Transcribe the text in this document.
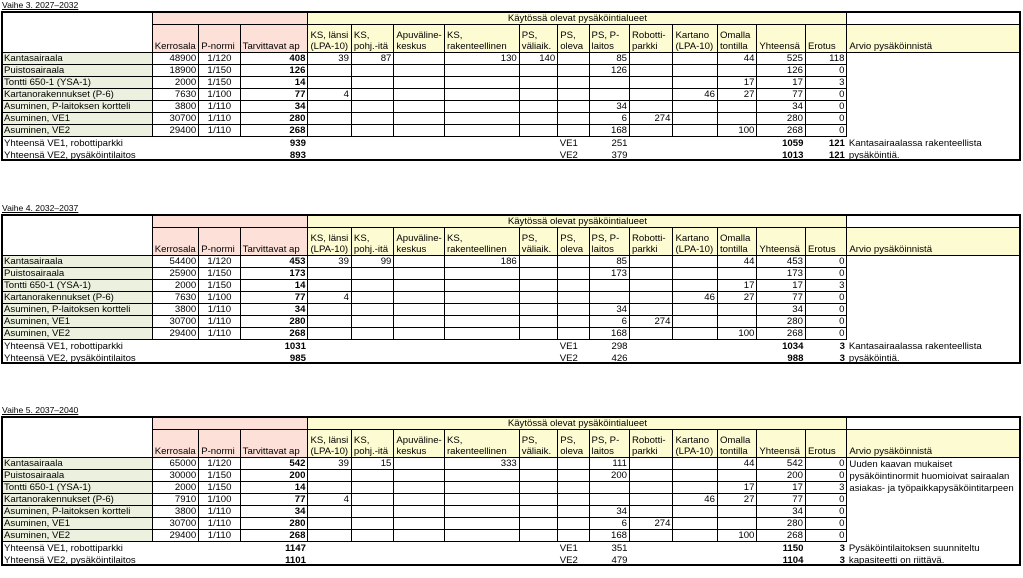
Vaihe 3. 2027–2032
				Käytössä olevat pysäköintialueet												
	Kerrosala	P-normi	Tarvittavat ap	KS, länsi (LPA-10)	KS, pohj.-itä	Apuväline-keskus	KS, rakenteellinen	PS, väliaik.	PS, oleva	PS, P-laitos	Robotti-parkki	Kartano (LPA-10)	Omalla tontilla	Yhteensä	Erotus	Arvio pysäköinnistä
Kantasairaala	48900	1/120	408	39	87		130	140		85			44	525	118	
Puistosairaala	18900	1/150	126							126				126	0	
Tontti 650-1 (YSA-1)	2000	1/150	14										17	17	3	
Kartanorakennukset (P-6)	7630	1/100	77	4								46	27	77	0	
Asuminen, P-laitoksen kortteli	3800	1/110	34							34				34	0	
Asuminen, VE1	30700	1/110	280							6	274			280	0	
Asuminen, VE2	29400	1/110	268							168			100	268	0	
Yhteensä VE1, robottiparkki			939						VE1	251				1059	121	Kantasairaalassa rakenteellista
Yhteensä VE2, pysäköintilaitos			893						VE2	379				1013	121	pysäköintiä.
Vaihe 4. 2032–2037
				Käytössä olevat pysäköintialueet												
	Kerrosala	P-normi	Tarvittavat ap	KS, länsi (LPA-10)	KS, pohj.-itä	Apuväline-keskus	KS, rakenteellinen	PS, väliaik.	PS, oleva	PS, P-laitos	Robotti-parkki	Kartano (LPA-10)	Omalla tontilla	Yhteensä	Erotus	Arvio pysäköinnistä
Kantasairaala	54400	1/120	453	39	99		186			85			44	453	0	
Puistosairaala	25900	1/150	173							173				173	0	
Tontti 650-1 (YSA-1)	2000	1/150	14										17	17	3	
Kartanorakennukset (P-6)	7630	1/100	77	4								46	27	77	0	
Asuminen, P-laitoksen kortteli	3800	1/110	34							34				34	0	
Asuminen, VE1	30700	1/110	280							6	274			280	0	
Asuminen, VE2	29400	1/110	268							168			100	268	0	
Yhteensä VE1, robottiparkki			1031						VE1	298				1034	3	Kantasairaalassa rakenteellista
Yhteensä VE2, pysäköintilaitos			985						VE2	426				988	3	pysäköintiä.
Vaihe 5. 2037–2040
				Käytössä olevat pysäköintialueet												
	Kerrosala	P-normi	Tarvittavat ap	KS, länsi (LPA-10)	KS, pohj.-itä	Apuväline-keskus	KS, rakenteellinen	PS, väliaik.	PS, oleva	PS, P-laitos	Robotti-parkki	Kartano (LPA-10)	Omalla tontilla	Yhteensä	Erotus	Arvio pysäköinnistä
Kantasairaala	65000	1/120	542	39	15		333			111			44	542	0	Uuden kaavan mukaiset
Puistosairaala	30000	1/150	200							200				200	0	pysäköintinormit huomioivat sairaalan
Tontti 650-1 (YSA-1)	2000	1/150	14										17	17	3	asiakas- ja työpaikkapysäköintitarpeen
Kartanorakennukset (P-6)	7910	1/100	77	4								46	27	77	0	
Asuminen, P-laitoksen kortteli	3800	1/110	34							34				34	0	
Asuminen, VE1	30700	1/110	280							6	274			280	0	
Asuminen, VE2	29400	1/110	268							168			100	268	0	
Yhteensä VE1, robottiparkki			1147						VE1	351				1150	3	Pysäköintilaitoksen suunniteltu
Yhteensä VE2, pysäköintilaitos			1101						VE2	479				1104	3	kapasiteetti on riittävä.
